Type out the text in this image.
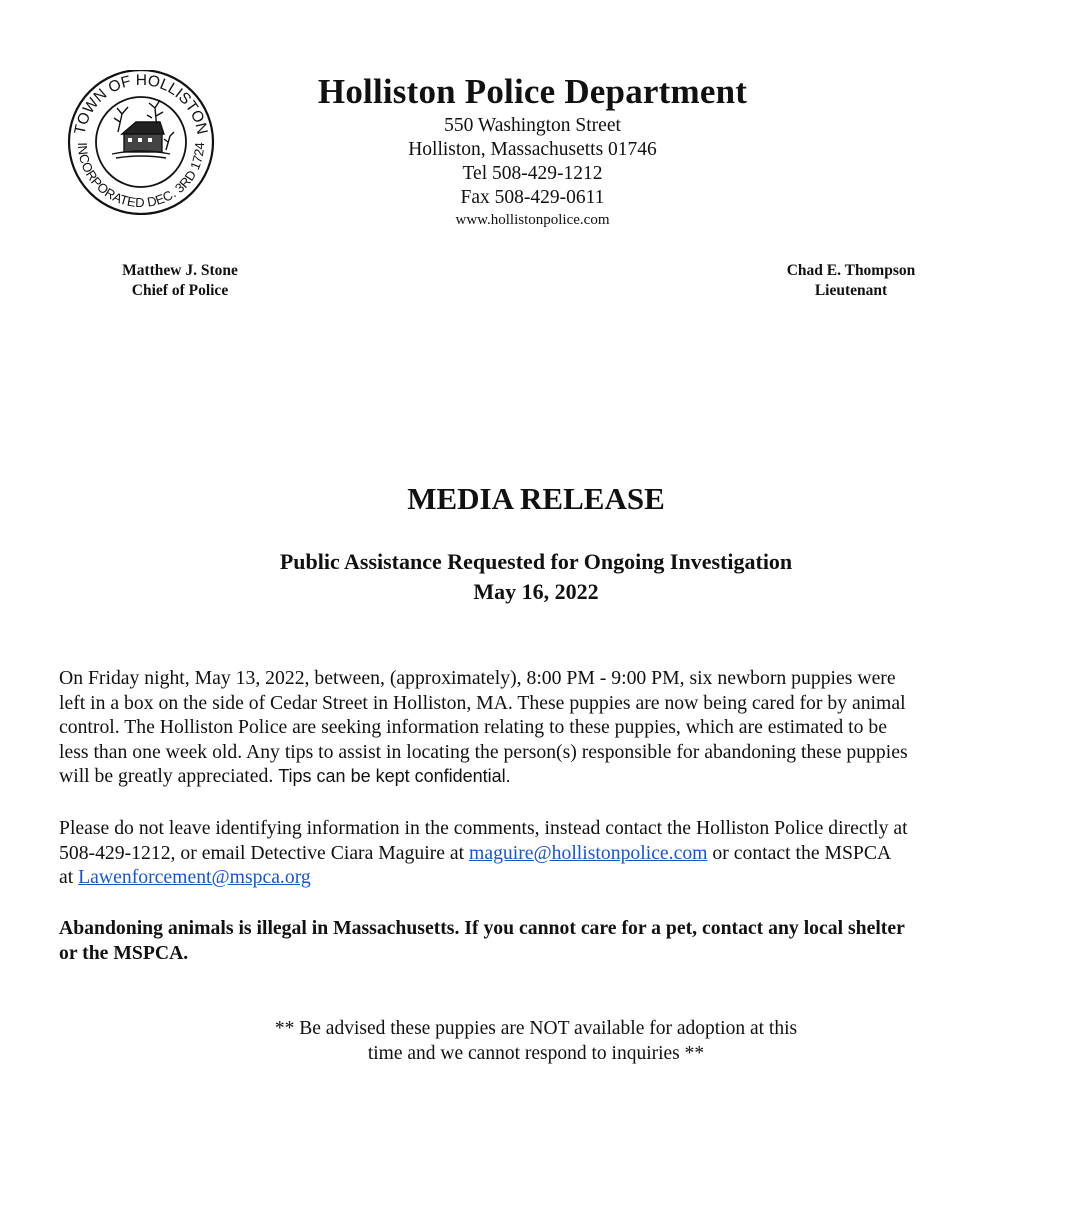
TOWN OF HOLLISTON
INCORPORATED DEC. 3RD 1724
Holliston Police Department
550 Washington Street
Holliston, Massachusetts 01746
Tel 508-429-1212
Fax 508-429-0611
www.hollistonpolice.com
Matthew J. Stone
Chief of Police
Chad E. Thompson
Lieutenant
MEDIA RELEASE
Public Assistance Requested for Ongoing Investigation
May 16, 2022
On Friday night, May 13, 2022, between, (approximately), 8:00 PM - 9:00 PM, six newborn puppies were
left in a box on the side of Cedar Street in Holliston, MA. These puppies are now being cared for by animal
control. The Holliston Police are seeking information relating to these puppies, which are estimated to be
less than one week old. Any tips to assist in locating the person(s) responsible for abandoning these puppies
will be greatly appreciated. Tips can be kept confidential.
Please do not leave identifying information in the comments, instead contact the Holliston Police directly at
508-429-1212, or email Detective Ciara Maguire at maguire@hollistonpolice.com or contact the MSPCA
at Lawenforcement@mspca.org
Abandoning animals is illegal in Massachusetts. If you cannot care for a pet, contact any local shelter
or the MSPCA.
** Be advised these puppies are NOT available for adoption at this
time and we cannot respond to inquiries **
